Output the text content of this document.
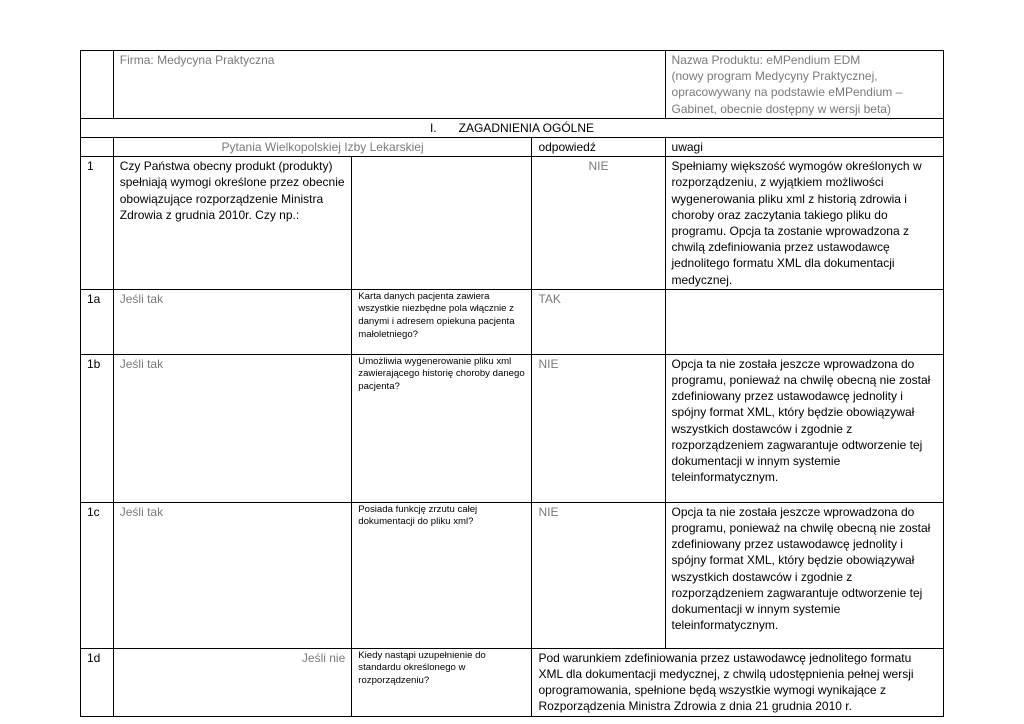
	Firma: Medycyna Praktyczna			Nazwa Produktu: eMPendium EDM
(nowy program Medycyny Praktycznej, opracowywany na podstawie eMPendium – Gabinet, obecnie dostępny w wersji beta)

I. ZAGADNIENIA OGÓLNE				
	Pytania Wielkopolskiej Izby Lekarskiej		odpowiedź	uwagi
1	Czy Państwa obecny produkt (produkty) spełniają wymogi określone przez obecnie obowiązujące rozporządzenie Ministra Zdrowia z grudnia 2010r. Czy np.:		NIE	Spełniamy większość wymogów określonych w rozporządzeniu, z wyjątkiem możliwości wygenerowania pliku xml z historią zdrowia i choroby oraz zaczytania takiego pliku do programu. Opcja ta zostanie wprowadzona z chwilą zdefiniowania przez ustawodawcę jednolitego formatu XML dla dokumentacji medycznej.
1a	Jeśli tak	Karta danych pacjenta zawiera wszystkie niezbędne pola włącznie z danymi i adresem opiekuna pacjenta małoletniego?	TAK	
1b	Jeśli tak	Umożliwia wygenerowanie pliku xml zawierającego historię choroby danego pacjenta?	NIE	Opcja ta nie została jeszcze wprowadzona do programu, ponieważ na chwilę obecną nie został zdefiniowany przez ustawodawcę jednolity i spójny format XML, który będzie obowiązywał wszystkich dostawców i zgodnie z rozporządzeniem zagwarantuje odtworzenie tej dokumentacji w innym systemie teleinformatycznym.
1c	Jeśli tak	Posiada funkcję zrzutu całej dokumentacji do pliku xml?	NIE	Opcja ta nie została jeszcze wprowadzona do programu, ponieważ na chwilę obecną nie został zdefiniowany przez ustawodawcę jednolity i spójny format XML, który będzie obowiązywał wszystkich dostawców i zgodnie z rozporządzeniem zagwarantuje odtworzenie tej dokumentacji w innym systemie teleinformatycznym.
1d	Jeśli nie	Kiedy nastąpi uzupełnienie do standardu określonego w rozporządzeniu?	Pod warunkiem zdefiniowania przez ustawodawcę jednolitego formatu XML dla dokumentacji medycznej, z chwilą udostępnienia pełnej wersji oprogramowania, spełnione będą wszystkie wymogi wynikające z Rozporządzenia Ministra Zdrowia z dnia 21 grudnia 2010 r.	
